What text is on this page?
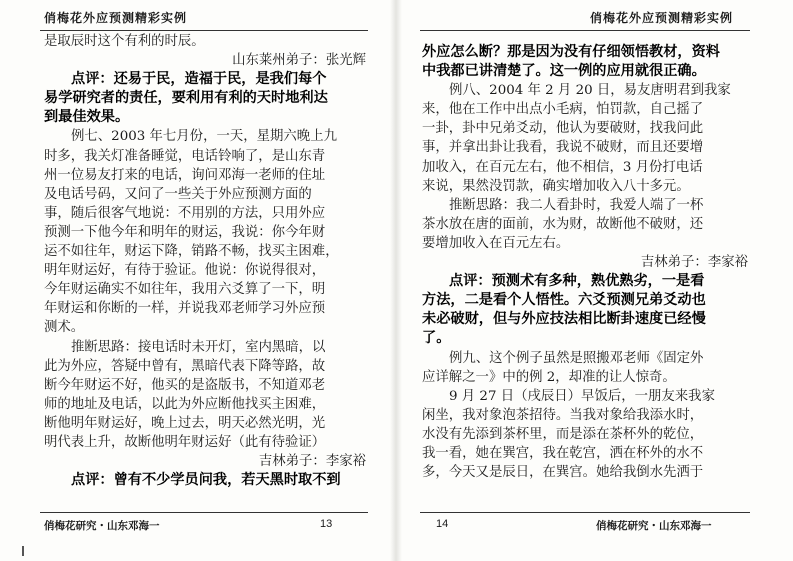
俏梅花外应预测精彩实例
是取辰时这个有利的时辰。
山东莱州弟子：张光辉
点评：还易于民，造福于民，是我们每个
易学研究者的责任，要利用有利的天时地利达
到最佳效果。
例七、2003 年七月份，一天，星期六晚上九
时多，我关灯准备睡觉，电话铃响了，是山东青
州一位易友打来的电话，询问邓海一老师的住址
及电话号码，又问了一些关于外应预测方面的
事，随后很客气地说：不用别的方法，只用外应
预测一下他今年和明年的财运，我说：你今年财
运不如往年，财运下降，销路不畅，找买主困难，
明年财运好，有待于验证。他说：你说得很对，
今年财运确实不如往年，我用六爻算了一下，明
年财运和你断的一样，并说我邓老师学习外应预
测术。
推断思路：接电话时未开灯，室内黑暗，以
此为外应，答疑中曾有，黑暗代表下降等路，故
断今年财运不好，他买的是盗版书，不知道邓老
师的地址及电话，以此为外应断他找买主困难，
断他明年财运好，晚上过去，明天必然光明，光
明代表上升，故断他明年财运好（此有待验证）
吉林弟子：李家裕
点评：曾有不少学员问我，若天黑时取不到
俏梅花研究・山东邓海一	13
俏梅花外应预测精彩实例
外应怎么断？那是因为没有仔细领悟教材，资料
中我都已讲清楚了。这一例的应用就很正确。
例八、2004 年 2 月 20 日，易友唐明君到我家
来，他在工作中出点小毛病，怕罚款，自己摇了
一卦，卦中兄弟爻动，他认为要破财，找我问此
事，并拿出卦让我看，我说不破财，而且还要增
加收入，在百元左右，他不相信，3 月份打电话
来说，果然没罚款，确实增加收入八十多元。
推断思路：我二人看卦时，我爱人端了一杯
茶水放在唐的面前，水为财，故断他不破财，还
要增加收入在百元左右。
吉林弟子：李家裕
点评：预测术有多种，熟优熟劣，一是看
方法，二是看个人悟性。六爻预测兄弟爻动也
未必破财，但与外应技法相比断卦速度已经慢
了。
例九、这个例子虽然是照搬邓老师《固定外
应详解之一》中的例 2，却准的让人惊奇。
9 月 27 日（戌辰日）早饭后，一朋友来我家
闲坐，我对象泡茶招待。当我对象给我添水时，
水没有先添到茶杯里，而是添在茶杯外的乾位，
我一看，她在巽宫，我在乾宫，洒在杯外的水不
多，今天又是辰日，在巽宫。她给我倒水先洒于
14	俏梅花研究・山东邓海一
